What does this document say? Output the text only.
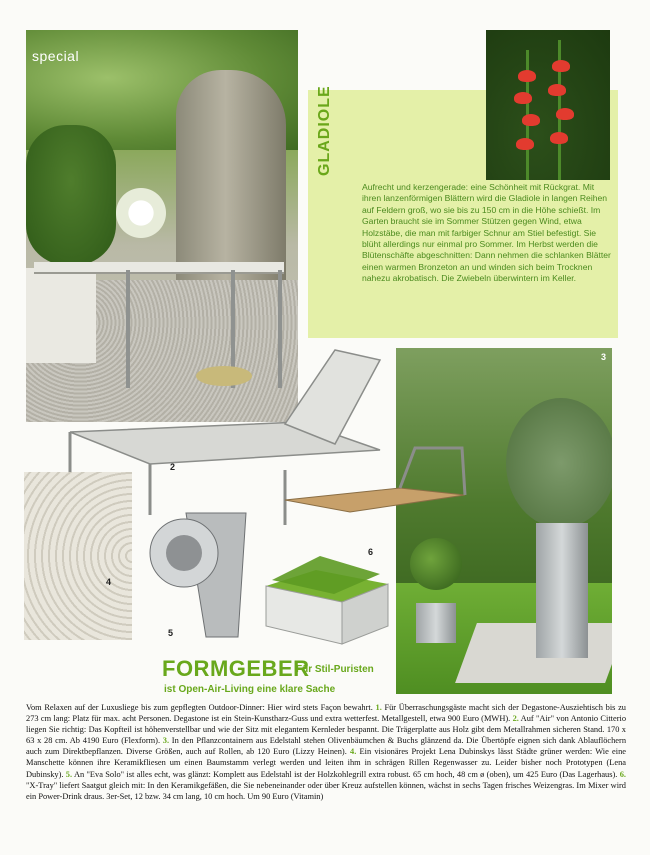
special
GLADIOLE

Aufrecht und kerzengerade: eine Schönheit mit Rückgrat. Mit ihren lanzenförmigen Blättern wird die Gladiole in langen Reihen auf Feldern groß, wo sie bis zu 150 cm in die Höhe schießt. Im Garten braucht sie im Sommer Stützen gegen Wind, etwa Holzstäbe, die man mit farbiger Schnur am Stiel befestigt. Sie blüht allerdings nur einmal pro Sommer. Im Herbst werden die Blütenschäfte abgeschnitten: Dann nehmen die schlanken Blätter einen warmen Bronzeton an und winden sich beim Trocknen nahezu akrobatisch. Die Zwiebeln überwintern im Keller.

3
2
4
5
6
FORMGEBER
Für Stil-Puristen
ist Open-Air-Living eine klare Sache

Vom Relaxen auf der Luxusliege bis zum gepflegten Outdoor-Dinner: Hier wird stets Façon bewahrt. 1. Für Überraschungsgäste macht sich der Degastone-Ausziehtisch bis zu 273 cm lang: Platz für max. acht Personen. Degastone ist ein Stein-Kunstharz-Guss und extra wetterfest. Metallgestell, etwa 900 Euro (MWH). 2. Auf "Air" von Antonio Citterio liegen Sie richtig: Das Kopfteil ist höhenverstellbar und wie der Sitz mit elegantem Kernleder bespannt. Die Trägerplatte aus Holz gibt dem Metallrahmen sicheren Stand. 170 x 63 x 28 cm. Ab 4190 Euro (Flexform). 3. In den Pflanzcontainern aus Edelstahl stehen Olivenbäumchen & Buchs glänzend da. Die Übertöpfe eignen sich dank Ablauflöchern auch zum Direktbepflanzen. Diverse Größen, auch auf Rollen, ab 120 Euro (Lizzy Heinen). 4. Ein visionäres Projekt Lena Dubinskys lässt Städte grüner werden: Wie eine Manschette können ihre Keramikfliesen um einen Baumstamm verlegt werden und leiten ihm in schrägen Rillen Regenwasser zu. Leider bisher noch Prototypen (Lena Dubinsky). 5. An "Eva Solo" ist alles echt, was glänzt: Komplett aus Edelstahl ist der Holzkohlegrill extra robust. 65 cm hoch, 48 cm ø (oben), um 425 Euro (Das Lagerhaus). 6. "X-Tray" liefert Saatgut gleich mit: In den Keramikgefäßen, die Sie nebeneinander oder über Kreuz aufstellen können, wächst in sechs Tagen frisches Weizengras. Im Mixer wird ein Power-Drink draus. 3er-Set, 12 bzw. 34 cm lang, 10 cm hoch. Um 90 Euro (Vitamin)
